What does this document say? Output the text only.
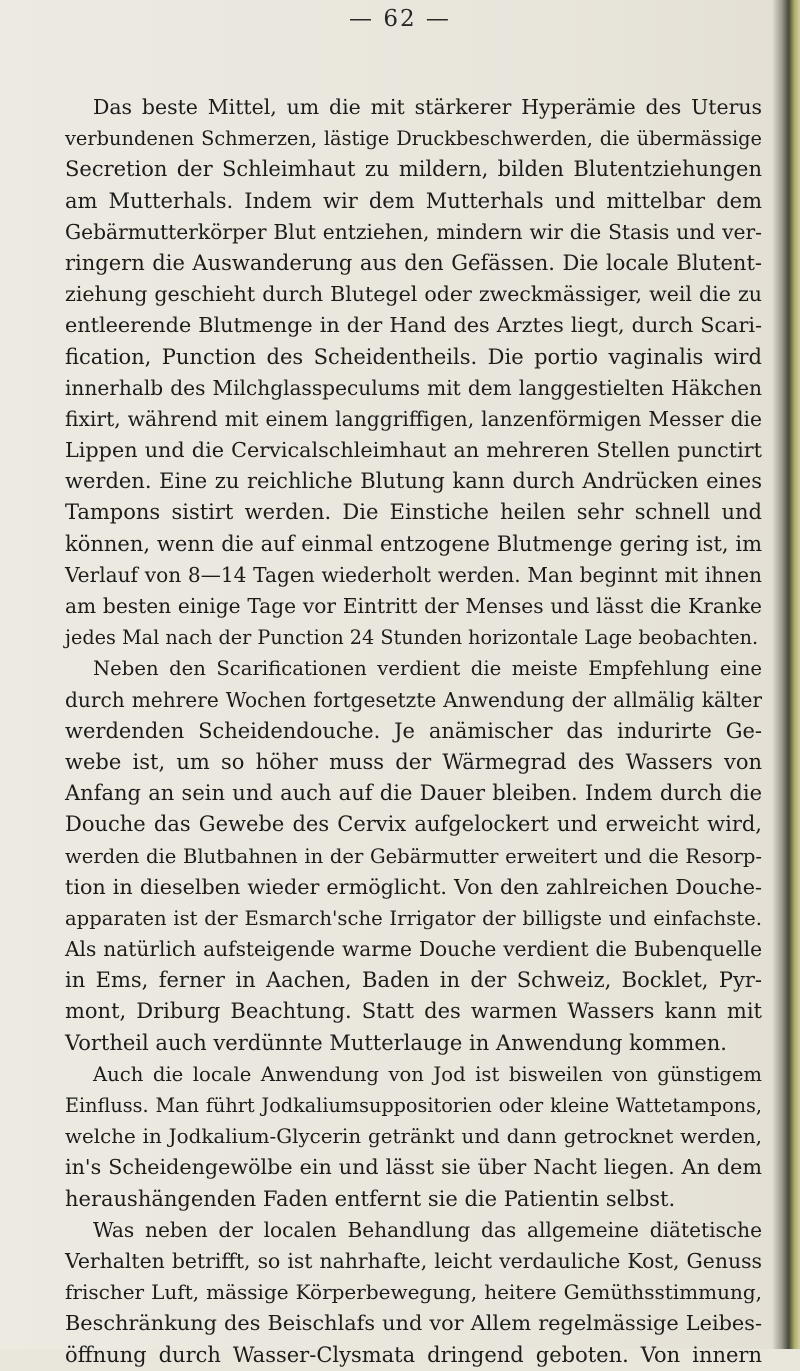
— 62 —
Das beste Mittel, um die mit stärkerer Hyperämie des Uterus
verbundenen Schmerzen, lästige Druckbeschwerden, die übermässige
Secretion der Schleimhaut zu mildern, bilden Blutentziehungen
am Mutterhals. Indem wir dem Mutterhals und mittelbar dem
Gebärmutterkörper Blut entziehen, mindern wir die Stasis und ver-
ringern die Auswanderung aus den Gefässen. Die locale Blutent-
ziehung geschieht durch Blutegel oder zweckmässiger, weil die zu
entleerende Blutmenge in der Hand des Arztes liegt, durch Scari-
fication, Punction des Scheidentheils. Die portio vaginalis wird
innerhalb des Milchglasspeculums mit dem langgestielten Häkchen
fixirt, während mit einem langgriffigen, lanzenförmigen Messer die
Lippen und die Cervicalschleimhaut an mehreren Stellen punctirt
werden. Eine zu reichliche Blutung kann durch Andrücken eines
Tampons sistirt werden. Die Einstiche heilen sehr schnell und
können, wenn die auf einmal entzogene Blutmenge gering ist, im
Verlauf von 8—14 Tagen wiederholt werden. Man beginnt mit ihnen
am besten einige Tage vor Eintritt der Menses und lässt die Kranke
jedes Mal nach der Punction 24 Stunden horizontale Lage beobachten.
Neben den Scarificationen verdient die meiste Empfehlung eine
durch mehrere Wochen fortgesetzte Anwendung der allmälig kälter
werdenden Scheidendouche. Je anämischer das indurirte Ge-
webe ist, um so höher muss der Wärmegrad des Wassers von
Anfang an sein und auch auf die Dauer bleiben. Indem durch die
Douche das Gewebe des Cervix aufgelockert und erweicht wird,
werden die Blutbahnen in der Gebärmutter erweitert und die Resorp-
tion in dieselben wieder ermöglicht. Von den zahlreichen Douche-
apparaten ist der Esmarch'sche Irrigator der billigste und einfachste.
Als natürlich aufsteigende warme Douche verdient die Bubenquelle
in Ems, ferner in Aachen, Baden in der Schweiz, Bocklet, Pyr-
mont, Driburg Beachtung. Statt des warmen Wassers kann mit
Vortheil auch verdünnte Mutterlauge in Anwendung kommen.
Auch die locale Anwendung von Jod ist bisweilen von günstigem
Einfluss. Man führt Jodkaliumsuppositorien oder kleine Wattetampons,
welche in Jodkalium-Glycerin getränkt und dann getrocknet werden,
in's Scheidengewölbe ein und lässt sie über Nacht liegen. An dem
heraushängenden Faden entfernt sie die Patientin selbst.
Was neben der localen Behandlung das allgemeine diätetische
Verhalten betrifft, so ist nahrhafte, leicht verdauliche Kost, Genuss
frischer Luft, mässige Körperbewegung, heitere Gemüthsstimmung,
Beschränkung des Beischlafs und vor Allem regelmässige Leibes-
öffnung durch Wasser-Clysmata dringend geboten. Von innern
